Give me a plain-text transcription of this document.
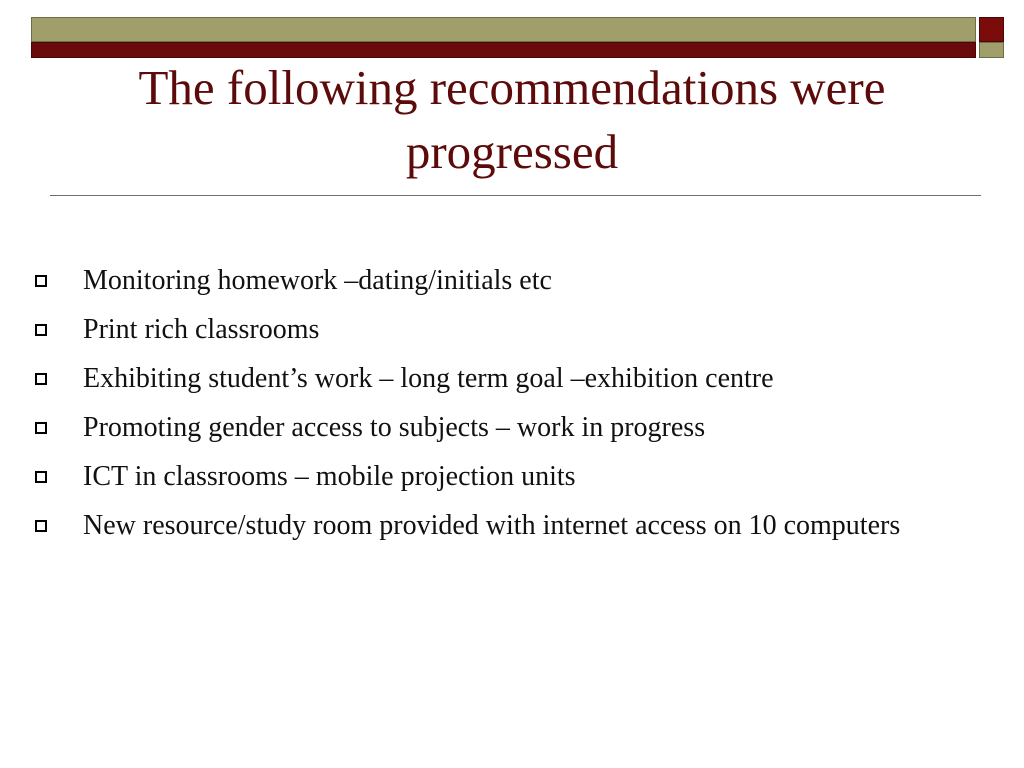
The following recommendations were progressed
Monitoring homework –dating/initials etc
Print rich classrooms
Exhibiting student’s work – long term goal –exhibition centre
Promoting gender access to subjects – work in progress
ICT in classrooms – mobile projection units
New resource/study room provided with internet access on 10 computers
